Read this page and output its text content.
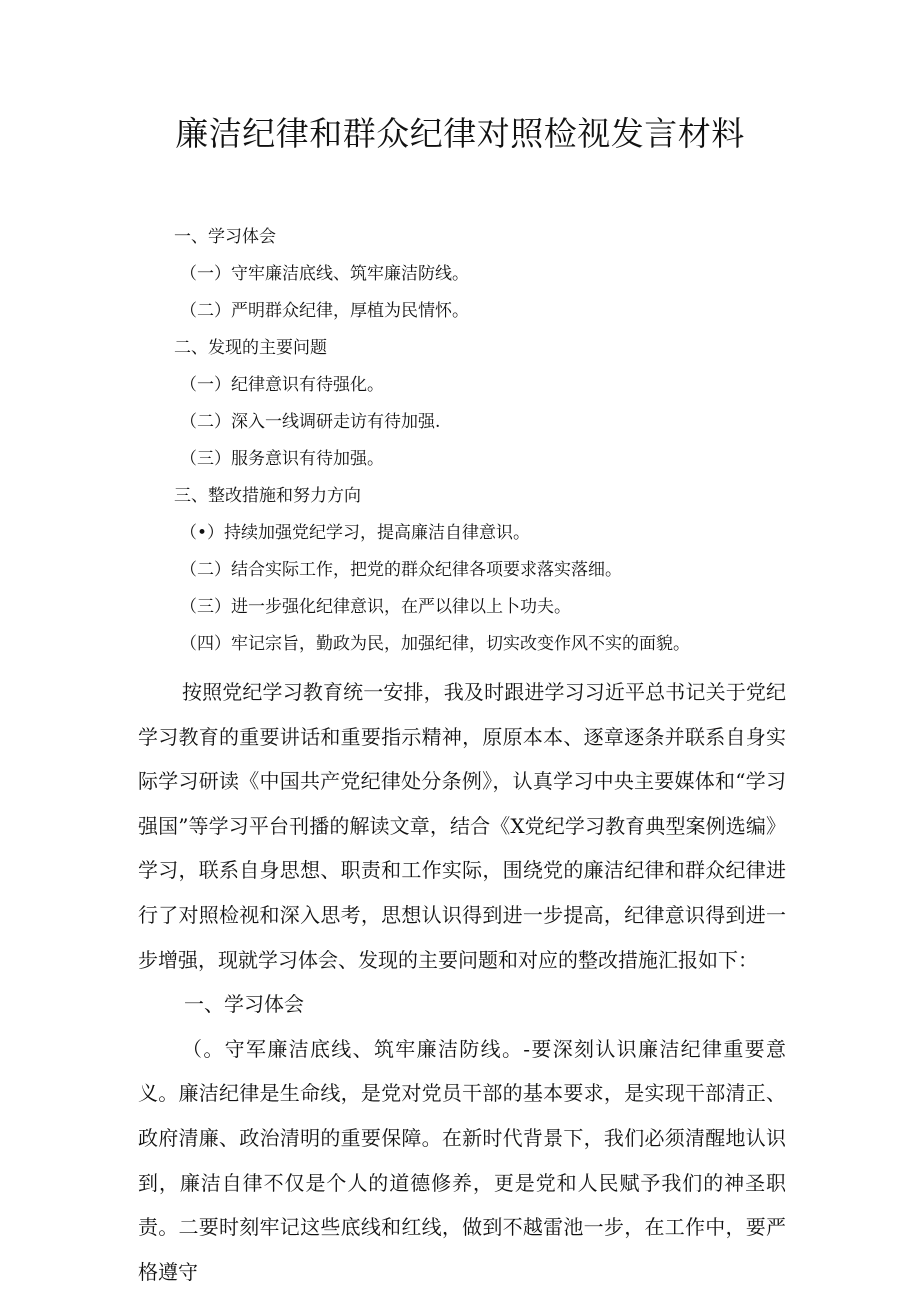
廉洁纪律和群众纪律对照检视发言材料
一、学习体会
（一）守牢廉洁底线、筑牢廉洁防线。
（二）严明群众纪律，厚植为民情怀。
二、发现的主要问题
（一）纪律意识有待强化。
（二）深入一线调研走访有待加强.
（三）服务意识有待加强。
三、整改措施和努力方向
（•）持续加强党纪学习，提高廉洁自律意识。
（二）结合实际工作，把党的群众纪律各项要求落实落细。
（三）进一步强化纪律意识，在严以律以上卜功夫。
（四）牢记宗旨，勤政为民，加强纪律，切实改变作风不实的面貌。

按照党纪学习教育统一安排，我及时跟进学习习近平总书记关于党纪学习教育的重要讲话和重要指示精神，原原本本、逐章逐条并联系自身实际学习研读《中国共产党纪律处分条例》，认真学习中央主要媒体和“学习强国”等学习平台刊播的解读文章，结合《X党纪学习教育典型案例选编》学习，联系自身思想、职责和工作实际，围绕党的廉洁纪律和群众纪律进行了对照检视和深入思考，思想认识得到进一步提高，纪律意识得到进一步增强，现就学习体会、发现的主要问题和对应的整改措施汇报如下：

一、学习体会

（。守军廉洁底线、筑牢廉洁防线。-要深刻认识廉洁纪律重要意义。廉洁纪律是生命线，是党对党员干部的基本要求，是实现干部清正、政府清廉、政治清明的重要保障。在新时代背景下，我们必须清醒地认识到，廉洁自律不仅是个人的道德修养，更是党和人民赋予我们的神圣职责。二要时刻牢记这些底线和红线，做到不越雷池一步，在工作中，要严格遵守
